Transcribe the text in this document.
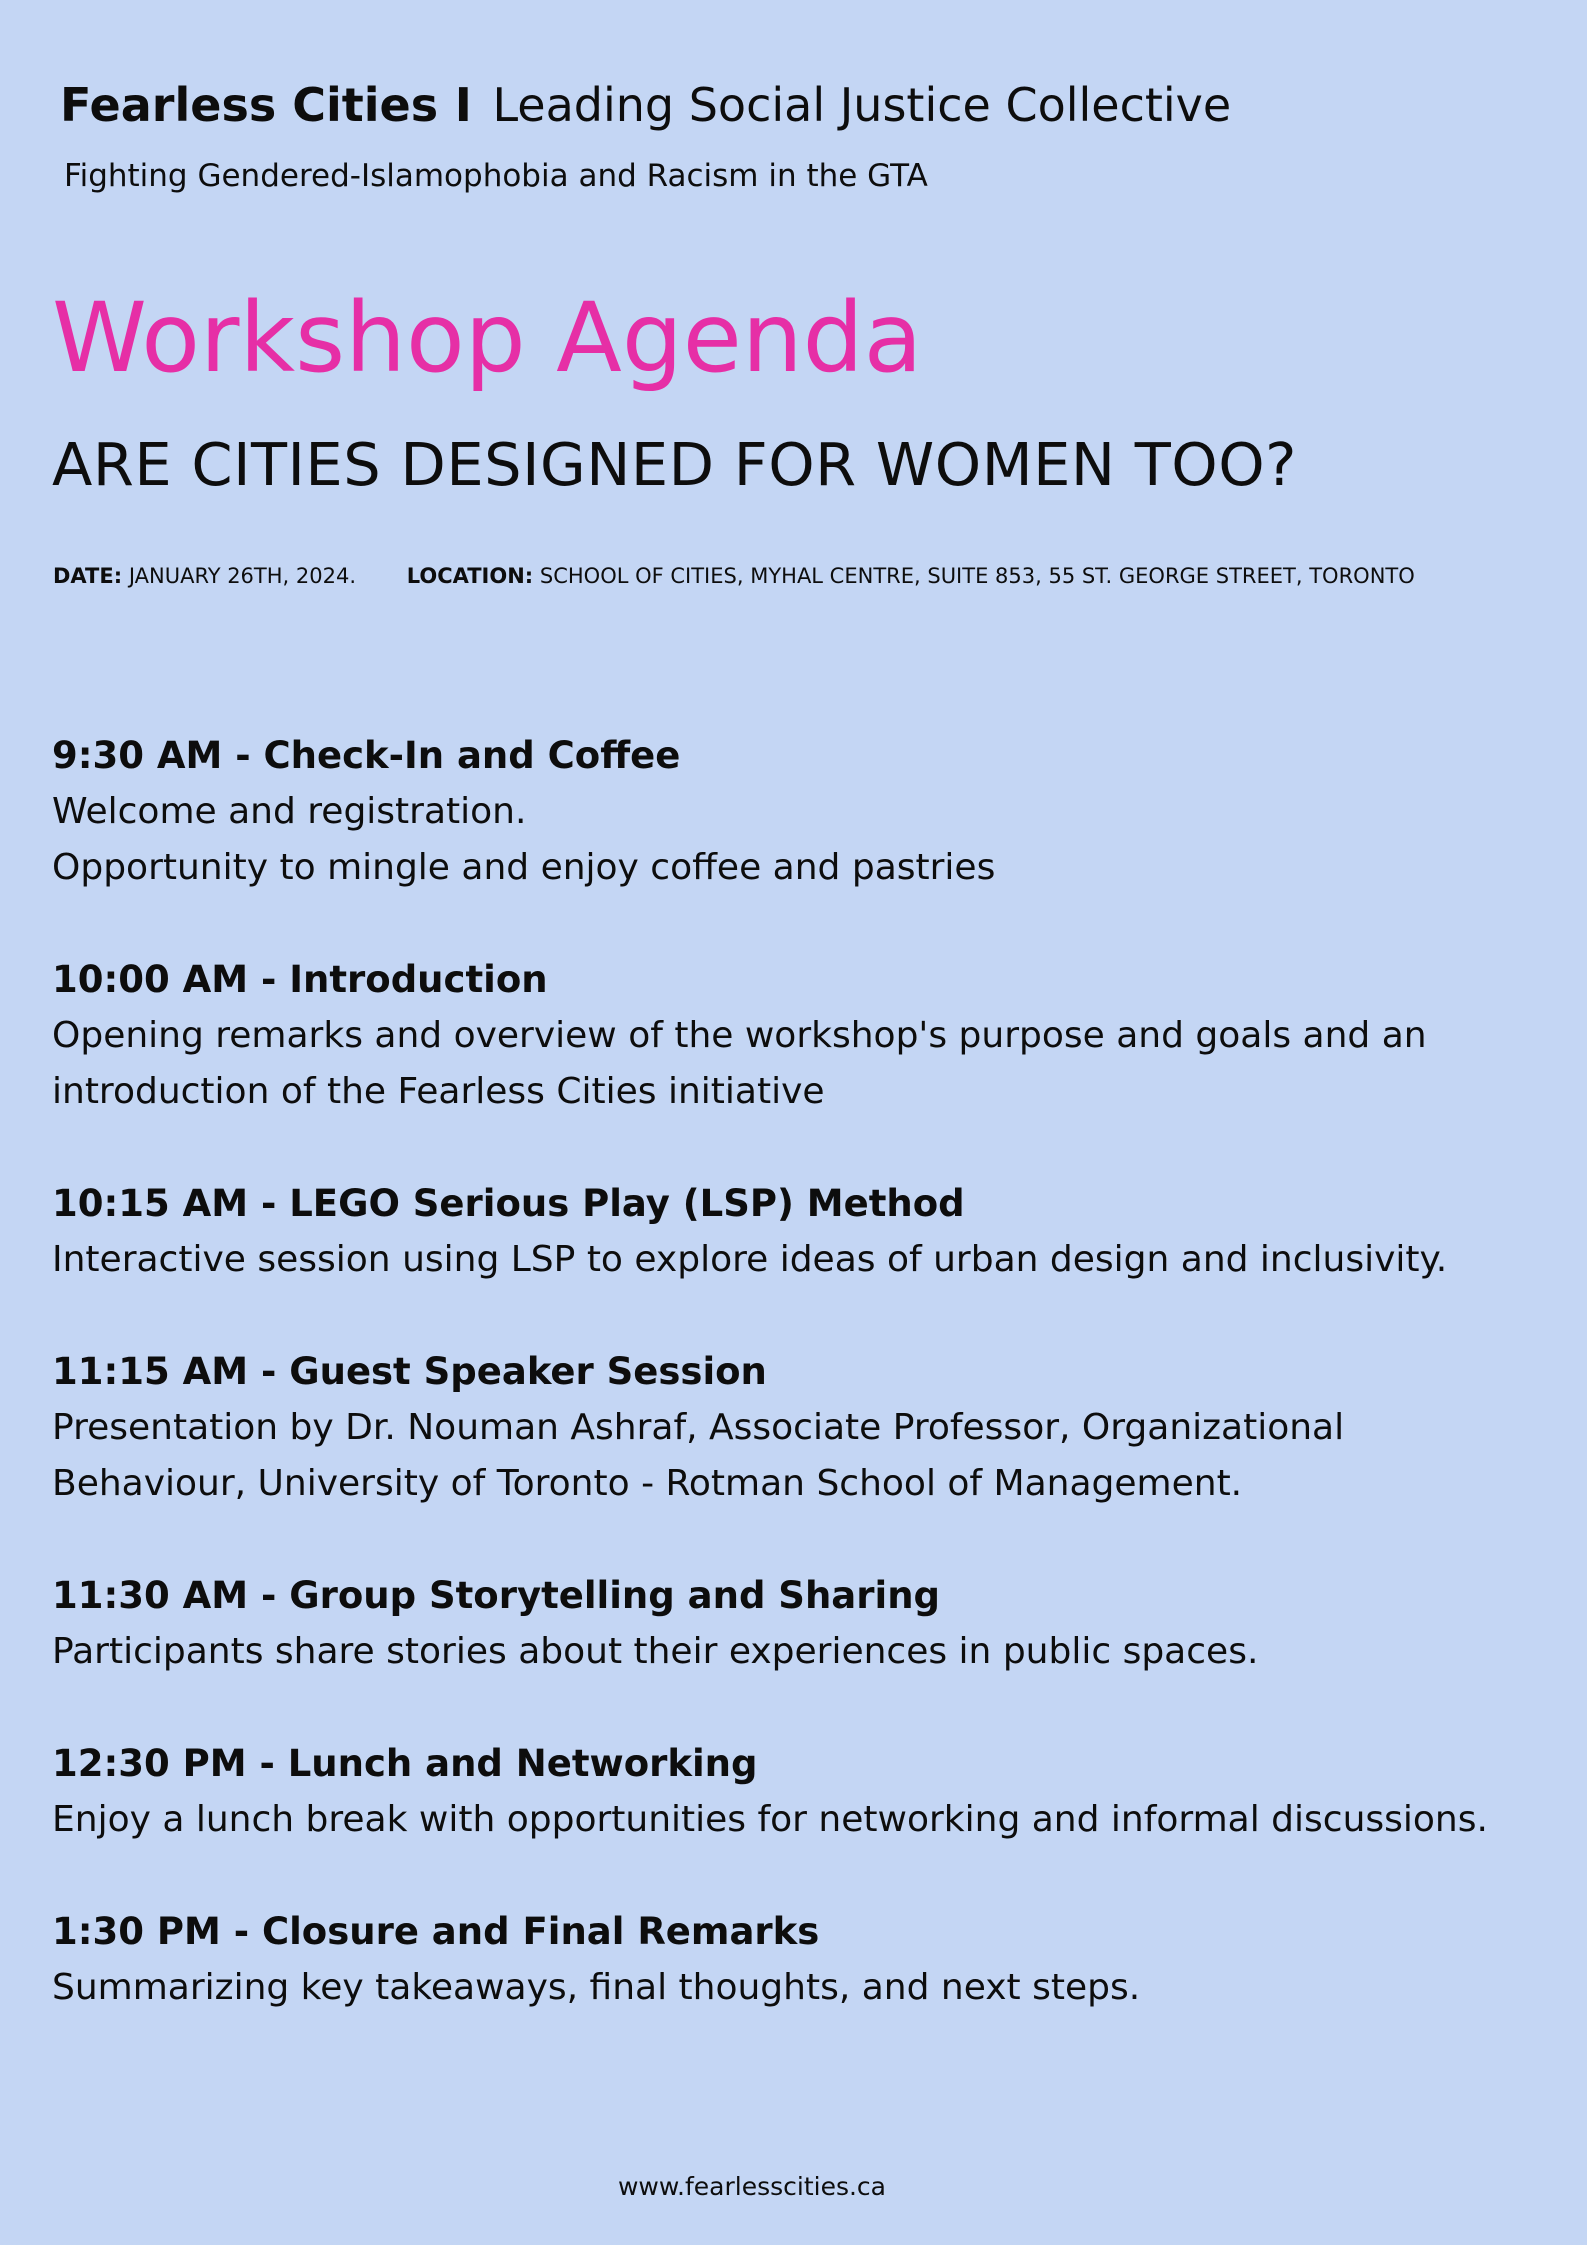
Fearless Cities I Leading Social Justice Collective
Fighting Gendered-Islamophobia and Racism in the GTA
Workshop Agenda
ARE CITIES DESIGNED FOR WOMEN TOO?
DATE: JANUARY 26TH, 2024. LOCATION: SCHOOL OF CITIES, MYHAL CENTRE, SUITE 853, 55 ST. GEORGE STREET, TORONTO
9:30 AM - Check-In and Coffee
Welcome and registration.
Opportunity to mingle and enjoy coffee and pastries
10:00 AM - Introduction
Opening remarks and overview of the workshop's purpose and goals and an
introduction of the Fearless Cities initiative
10:15 AM - LEGO Serious Play (LSP) Method
Interactive session using LSP to explore ideas of urban design and inclusivity.
11:15 AM - Guest Speaker Session
Presentation by Dr. Nouman Ashraf, Associate Professor, Organizational
Behaviour, University of Toronto - Rotman School of Management.
11:30 AM - Group Storytelling and Sharing
Participants share stories about their experiences in public spaces.
12:30 PM - Lunch and Networking
Enjoy a lunch break with opportunities for networking and informal discussions.
1:30 PM - Closure and Final Remarks
Summarizing key takeaways, final thoughts, and next steps.
www.fearlesscities.ca
